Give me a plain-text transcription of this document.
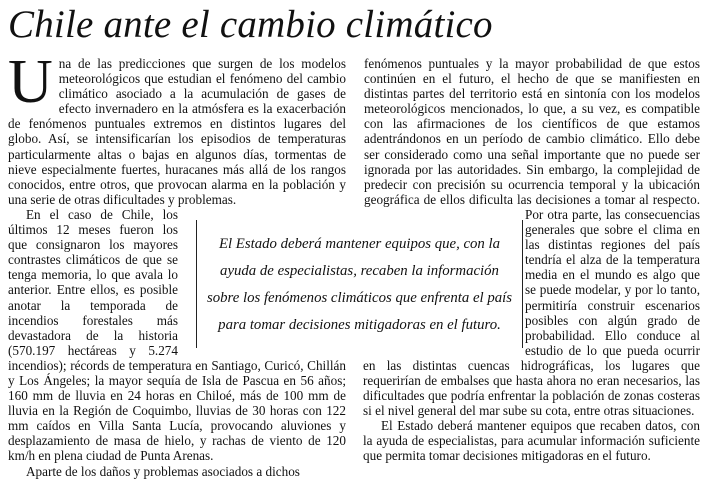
Chile ante el cambio climático

Una de las predicciones que surgen de los modelos meteorológicos que estudian el fenómeno del cambio climático asociado a la acumulación de gases de efecto invernadero en la atmósfera es la exacerbación de fenómenos puntuales extremos en distintos lugares del globo. Así, se intensificarían los episodios de temperaturas particularmente altas o bajas en algunos días, tormentas de nieve especialmente fuertes, huracanes más allá de los rangos conocidos, entre otros, que provocan alarma en la población y una serie de otras dificultades y problemas.

En el caso de Chile, los últimos 12 meses fueron los que consignaron los mayores contrastes climáticos de que se tenga memoria, lo que avala lo anterior. Entre ellos, es posible anotar la temporada de incendios forestales más devastadora de la historia (570.197 hectáreas y 5.274 incendios); récords de temperatura en Santiago, Curicó, Chillán y Los Ángeles; la mayor sequía de Isla de Pascua en 56 años; 160 mm de lluvia en 24 horas en Chiloé, más de 100 mm de lluvia en la Región de Coquimbo, lluvias de 30 horas con 122 mm caídos en Villa Santa Lucía, provocando aluviones y desplazamiento de masa de hielo, y rachas de viento de 120 km/h en plena ciudad de Punta Arenas.

Aparte de los daños y problemas asociados a dichos

fenómenos puntuales y la mayor probabilidad de que estos continúen en el futuro, el hecho de que se manifiesten en distintas partes del territorio está en sintonía con los modelos meteorológicos mencionados, lo que, a su vez, es compatible con las afirmaciones de los científicos de que estamos adentrándonos en un período de cambio climático. Ello debe ser considerado como una señal importante que no puede ser ignorada por las autoridades. Sin embargo, la complejidad de predecir con precisión su ocurrencia temporal y la ubicación geográfica de ellos dificulta las decisiones a tomar al respecto. Por otra parte, las consecuencias generales que sobre el clima en las distintas regiones del país tendría el alza de la temperatura media en el mundo es algo que se puede modelar, y por lo tanto, permitiría construir escenarios posibles con algún grado de probabilidad. Ello conduce al estudio de lo que pueda ocurrir en las distintas cuencas hidrográficas, los lugares que requerirían de embalses que hasta ahora no eran necesarios, las dificultades que podría enfrentar la población de zonas costeras si el nivel general del mar sube su cota, entre otras situaciones.

El Estado deberá mantener equipos que recaben datos, con la ayuda de especialistas, para acumular información suficiente que permita tomar decisiones mitigadoras en el futuro.

El Estado deberá mantener equipos que, con la
ayuda de especialistas, recaben la información
sobre los fenómenos climáticos que enfrenta el país
para tomar decisiones mitigadoras en el futuro.
